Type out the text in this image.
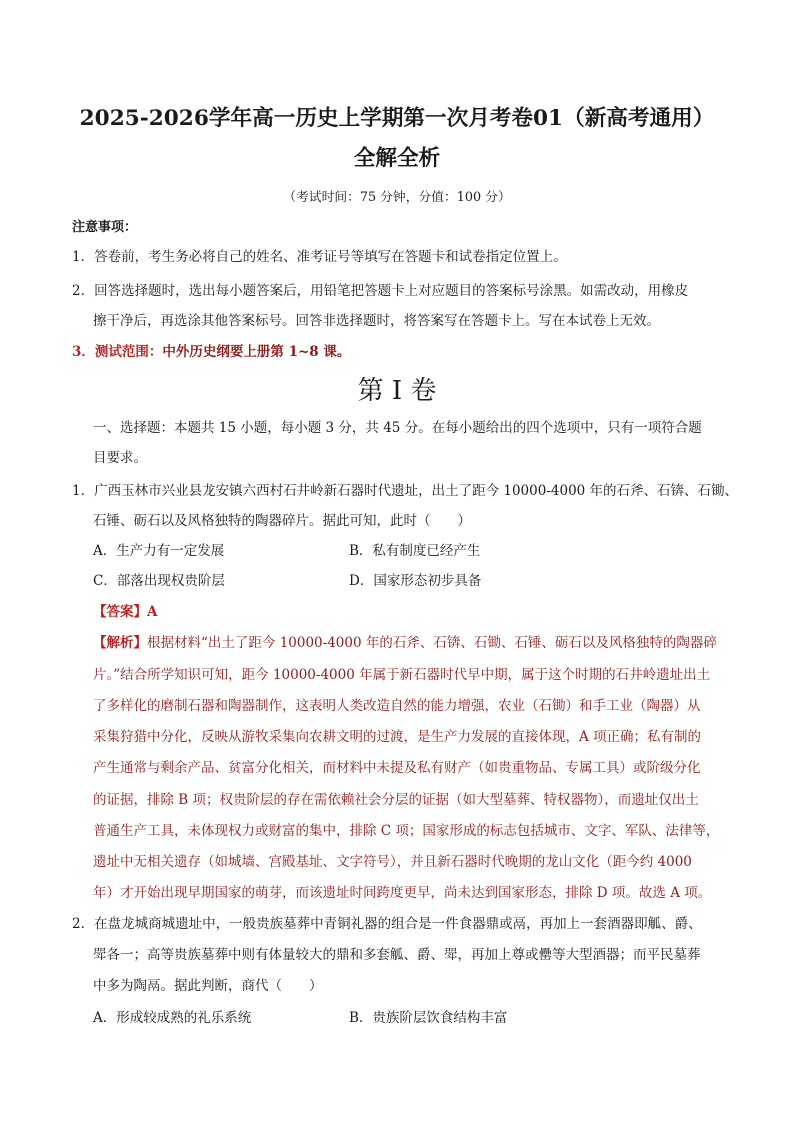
2025-2026学年高一历史上学期第一次月考卷01（新高考通用）
全解全析
（考试时间：75 分钟，分值：100 分）
注意事项：
1．答卷前，考生务必将自己的姓名、准考证号等填写在答题卡和试卷指定位置上。
2．回答选择题时，选出每小题答案后，用铅笔把答题卡上对应题目的答案标号涂黑。如需改动，用橡皮
擦干净后，再选涂其他答案标号。回答非选择题时，将答案写在答题卡上。写在本试卷上无效。
3．测试范围：中外历史纲要上册第 1~8 课。
第 I 卷
一、选择题：本题共 15 小题，每小题 3 分，共 45 分。在每小题给出的四个选项中，只有一项符合题
目要求。
1．广西玉林市兴业县龙安镇六西村石井岭新石器时代遗址，出土了距今 10000-4000 年的石斧、石锛、石锄、
石锤、砺石以及风格独特的陶器碎片。据此可知，此时（　　）
A．生产力有一定发展	B．私有制度已经产生
C．部落出现权贵阶层	D．国家形态初步具备
【答案】A
【解析】根据材料“出土了距今 10000-4000 年的石斧、石锛、石锄、石锤、砺石以及风格独特的陶器碎
片。”结合所学知识可知，距今 10000-4000 年属于新石器时代早中期，属于这个时期的石井岭遗址出土
了多样化的磨制石器和陶器制作，这表明人类改造自然的能力增强，农业（石锄）和手工业（陶器）从
采集狩猎中分化，反映从游牧采集向农耕文明的过渡，是生产力发展的直接体现，A 项正确；私有制的
产生通常与剩余产品、贫富分化相关，而材料中未提及私有财产（如贵重物品、专属工具）或阶级分化
的证据，排除 B 项；权贵阶层的存在需依赖社会分层的证据（如大型墓葬、特权器物），而遗址仅出土
普通生产工具，未体现权力或财富的集中，排除 C 项；国家形成的标志包括城市、文字、军队、法律等，
遗址中无相关遗存（如城墙、宫殿基址、文字符号），并且新石器时代晚期的龙山文化（距今约 4000
年）才开始出现早期国家的萌芽，而该遗址时间跨度更早，尚未达到国家形态，排除 D 项。故选 A 项。
2．在盘龙城商城遗址中，一般贵族墓葬中青铜礼器的组合是一件食器鼎或鬲，再加上一套酒器即觚、爵、
斝各一；高等贵族墓葬中则有体量较大的鼎和多套觚、爵、斝，再加上尊或罍等大型酒器；而平民墓葬
中多为陶鬲。据此判断，商代（　　）
A．形成较成熟的礼乐系统	B．贵族阶层饮食结构丰富
